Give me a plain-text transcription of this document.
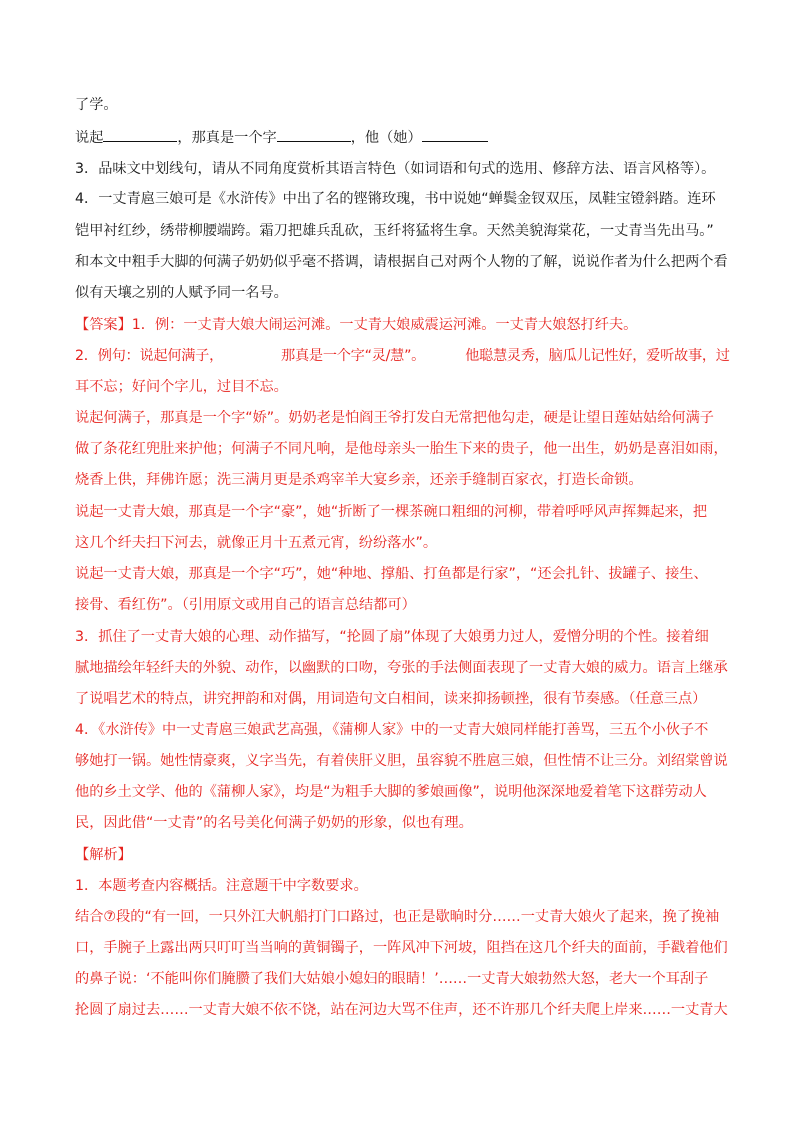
了学。
说起	，那真是一个字	，他（她）
3．品味文中划线句，请从不同角度赏析其语言特色（如词语和句式的选用、修辞方法、语言风格等）。
4．一丈青扈三娘可是《水浒传》中出了名的铿锵玫瑰，书中说她“蝉鬓金钗双压，凤鞋宝镫斜踏。连环
铠甲衬红纱，绣带柳腰端跨。霜刀把雄兵乱砍，玉纤将猛将生拿。天然美貌海棠花，一丈青当先出马。”
和本文中粗手大脚的何满子奶奶似乎毫不搭调，请根据自己对两个人物的了解，说说作者为什么把两个看
似有天壤之别的人赋予同一名号。
【答案】1．例：一丈青大娘大闹运河滩。一丈青大娘威震运河滩。一丈青大娘怒打纤夫。
2．例句：说起何满子，	那真是一个字“灵/慧”。	他聪慧灵秀，脑瓜儿记性好，爱听故事，过
耳不忘；好问个字儿，过目不忘。
说起何满子，那真是一个字“娇”。奶奶老是怕阎王爷打发白无常把他勾走，硬是让望日莲姑姑给何满子
做了条花红兜肚来护他；何满子不同凡响，是他母亲头一胎生下来的贵子，他一出生，奶奶是喜泪如雨，
烧香上供，拜佛许愿；洗三满月更是杀鸡宰羊大宴乡亲，还亲手缝制百家衣，打造长命锁。
说起一丈青大娘，那真是一个字“豪”，她“折断了一棵茶碗口粗细的河柳，带着呼呼风声挥舞起来，把
这几个纤夫扫下河去，就像正月十五煮元宵，纷纷落水”。
说起一丈青大娘，那真是一个字“巧”，她“种地、撑船、打鱼都是行家”，“还会扎针、拔罐子、接生、
接骨、看红伤”。（引用原文或用自己的语言总结都可）
3．抓住了一丈青大娘的心理、动作描写，“抡圆了扇”体现了大娘勇力过人，爱憎分明的个性。接着细
腻地描绘年轻纤夫的外貌、动作，以幽默的口吻，夸张的手法侧面表现了一丈青大娘的威力。语言上继承
了说唱艺术的特点，讲究押韵和对偶，用词造句文白相间，读来抑扬顿挫，很有节奏感。（任意三点）
4．《水浒传》中一丈青扈三娘武艺高强，《蒲柳人家》中的一丈青大娘同样能打善骂，三五个小伙子不
够她打一锅。她性情豪爽，义字当先，有着侠肝义胆，虽容貌不胜扈三娘，但性情不让三分。刘绍棠曾说
他的乡土文学、他的《蒲柳人家》，均是“为粗手大脚的爹娘画像”，说明他深深地爱着笔下这群劳动人
民，因此借“一丈青”的名号美化何满子奶奶的形象，似也有理。
【解析】
1．本题考查内容概括。注意题干中字数要求。
结合⑦段的“有一回，一只外江大帆船打门口路过，也正是歇晌时分……一丈青大娘火了起来，挽了挽袖
口，手腕子上露出两只叮叮当当响的黄铜镯子，一阵风冲下河坡，阻挡在这几个纤夫的面前，手戳着他们
的鼻子说：‘不能叫你们腌臜了我们大姑娘小媳妇的眼睛！’……一丈青大娘勃然大怒，老大一个耳刮子
抡圆了扇过去……一丈青大娘不依不饶，站在河边大骂不住声，还不许那几个纤夫爬上岸来……一丈青大
